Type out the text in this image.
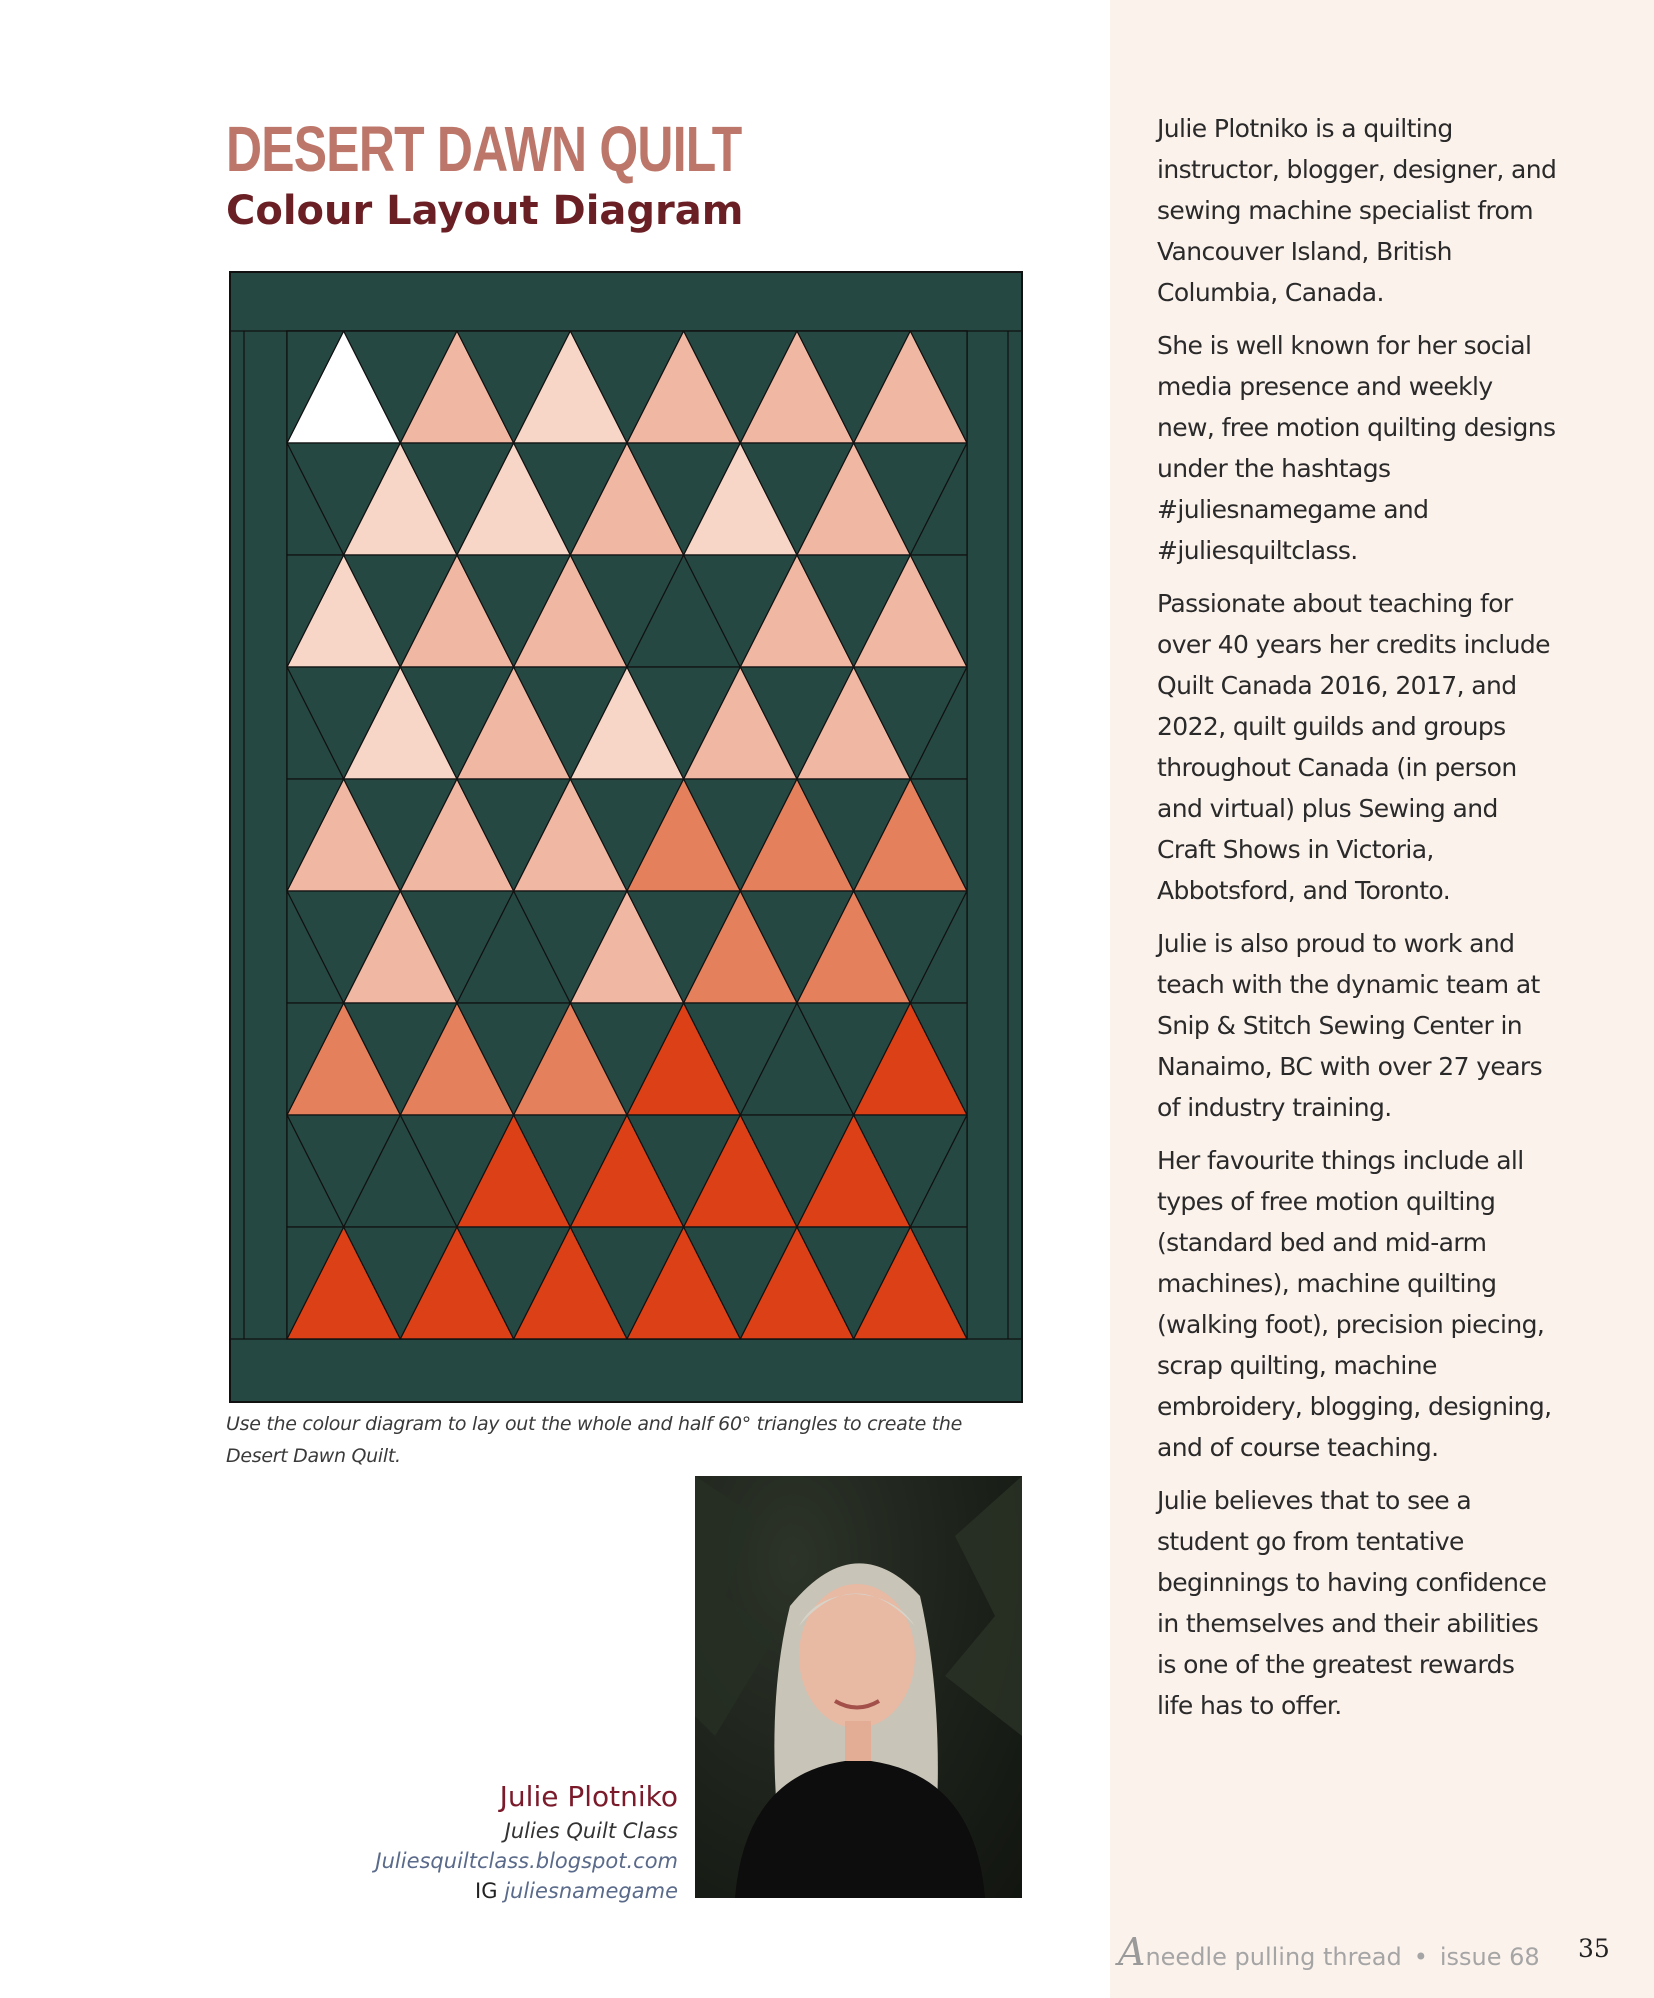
DESERT DAWN QUILT
Colour Layout Diagram

Use the colour diagram to lay out the whole and half 60° triangles to create the Desert Dawn Quilt.

Julie Plotniko
Julies Quilt Class
Juliesquiltclass.blogspot.com
IG juliesnamegame

Julie Plotniko is a quilting instructor, blogger, designer, and sewing machine specialist from Vancouver Island, British Columbia, Canada.

She is well known for her social media presence and weekly new, free motion quilting designs under the hashtags #juliesnamegame and #juliesquiltclass.

Passionate about teaching for over 40 years her credits include Quilt Canada 2016, 2017, and 2022, quilt guilds and groups throughout Canada (in person and virtual) plus Sewing and Craft Shows in Victoria, Abbotsford, and Toronto.

Julie is also proud to work and teach with the dynamic team at Snip & Stitch Sewing Center in Nanaimo, BC with over 27 years of industry training.

Her favourite things include all types of free motion quilting (standard bed and mid-arm machines), machine quilting (walking foot), precision piecing, scrap quilting, machine embroidery, blogging, designing, and of course teaching.

Julie believes that to see a student go from tentative beginnings to having confidence in themselves and their abilities is one of the greatest rewards life has to offer.

Aneedle pulling thread • issue 68	35
